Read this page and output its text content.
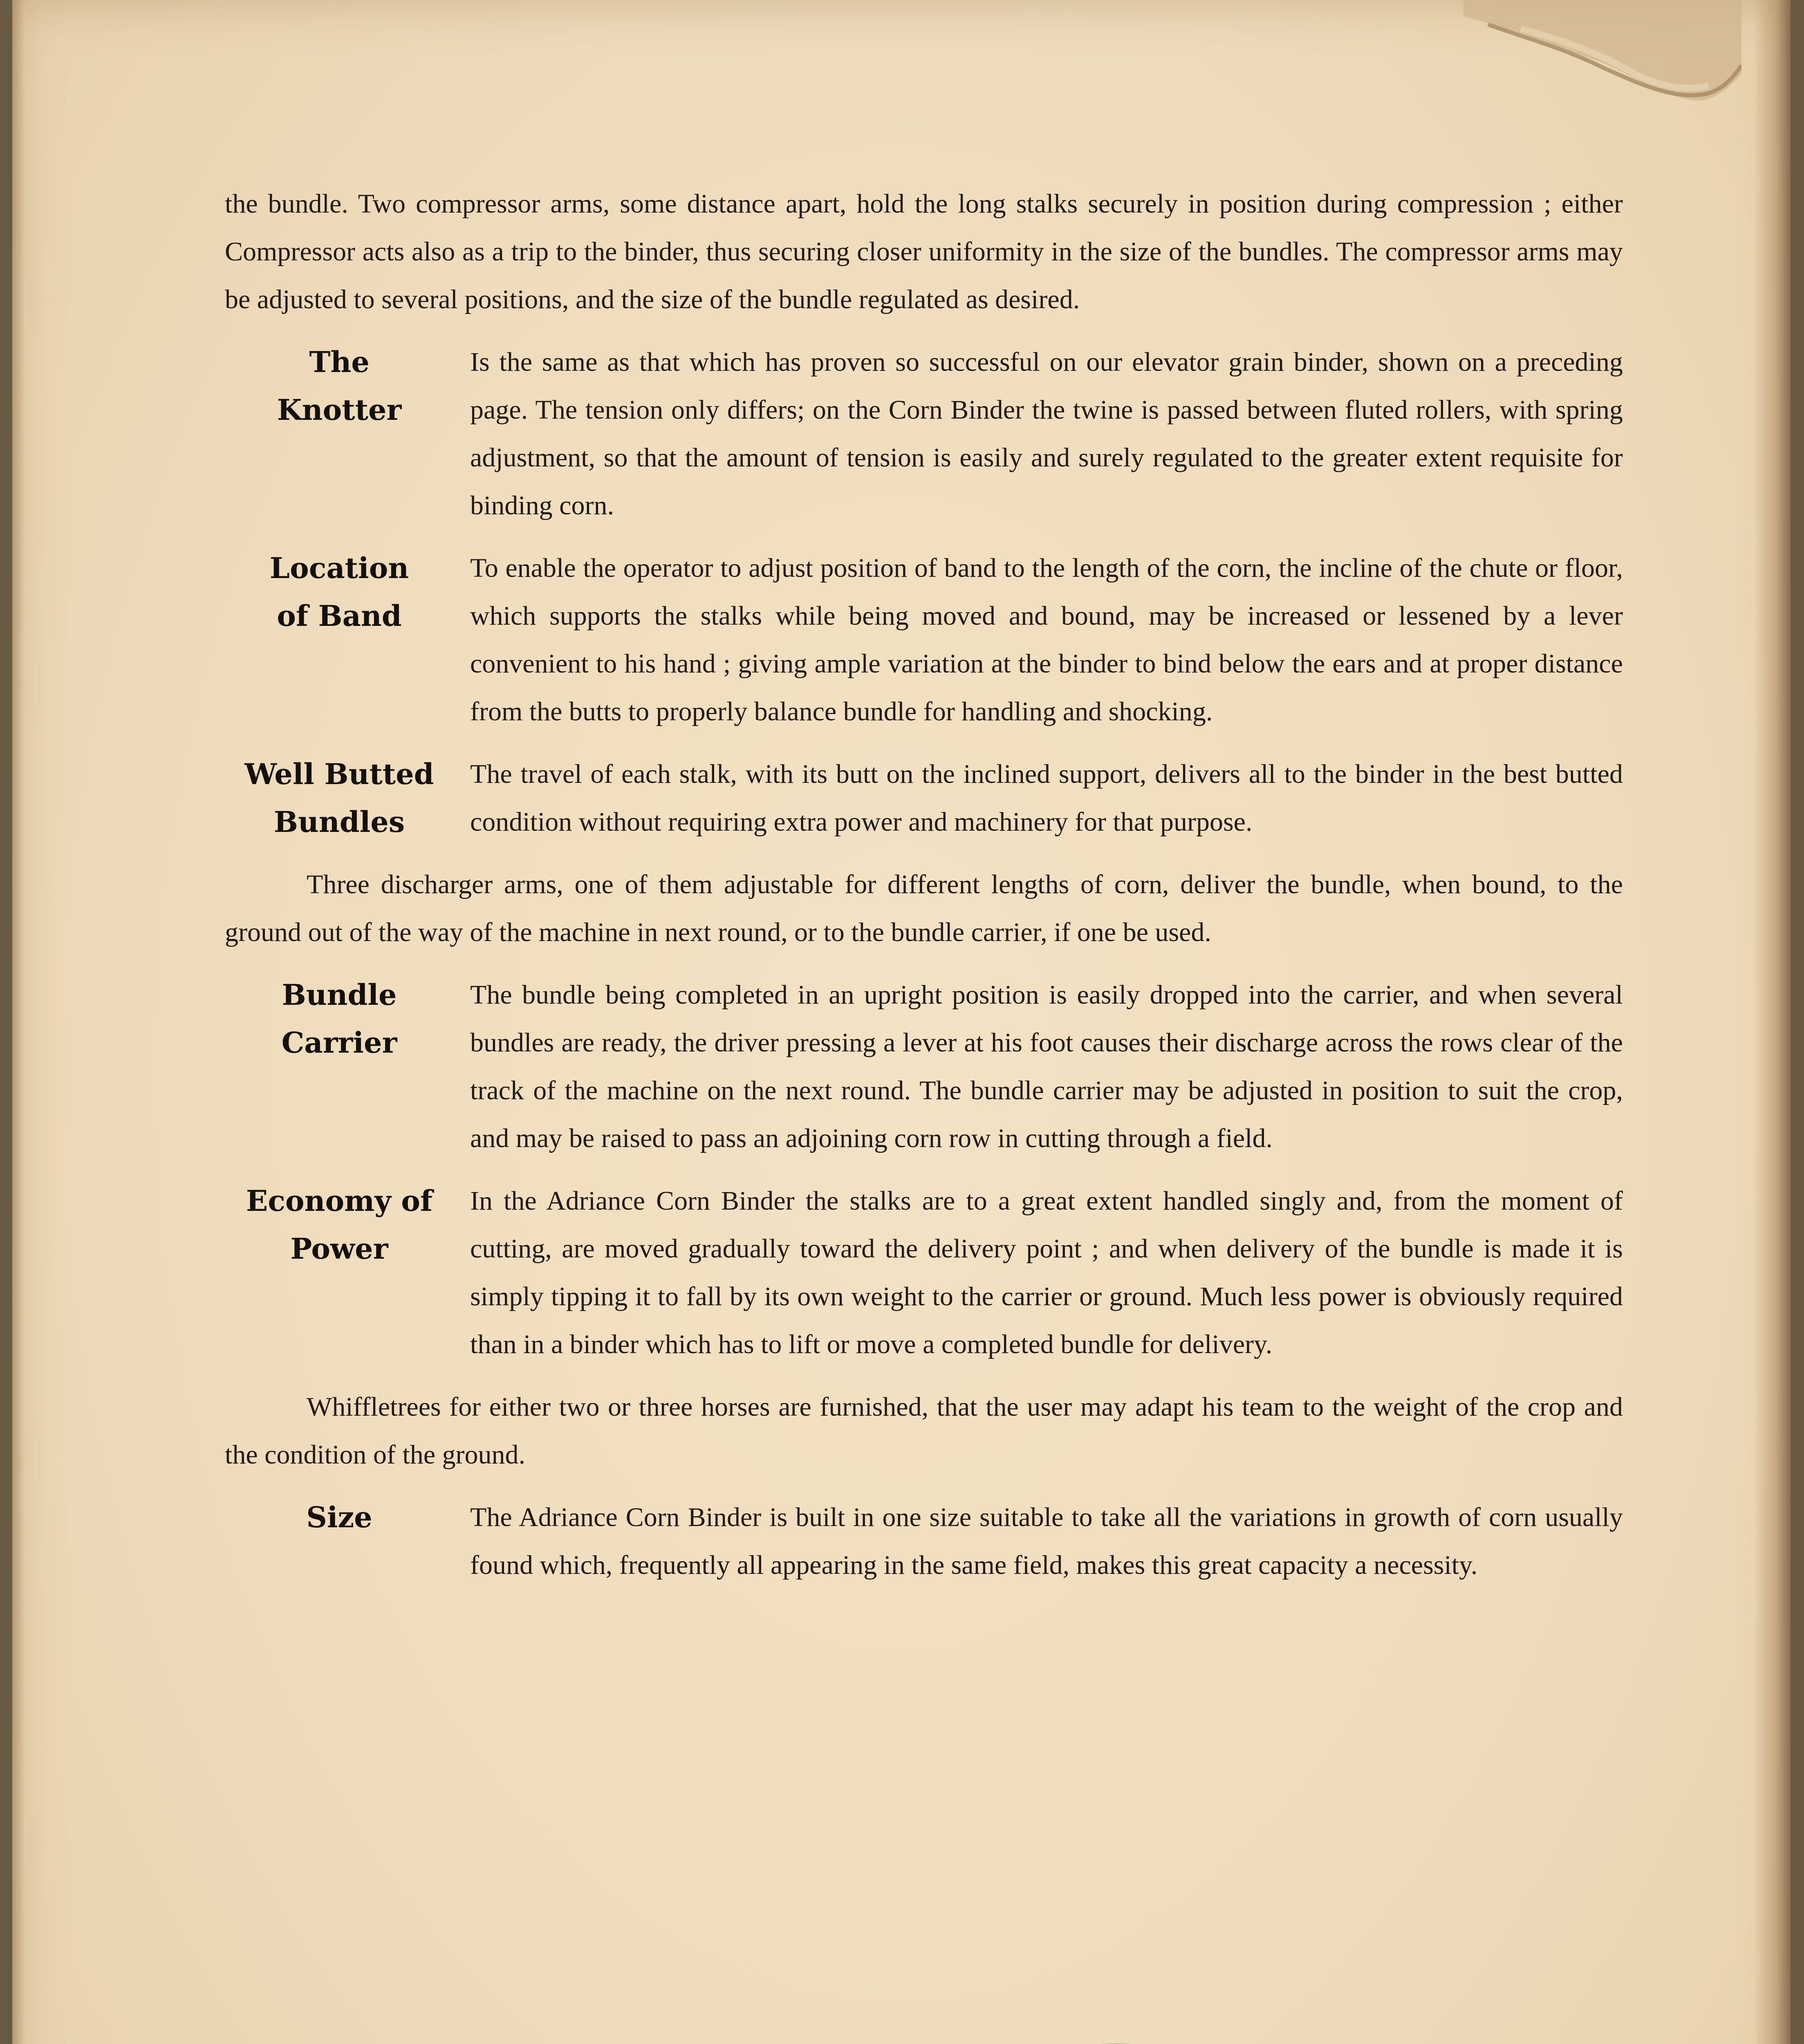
the bundle. Two compressor arms, some distance apart, hold the long stalks securely in position during compression ; either Compressor acts also as a trip to the binder, thus securing closer uniformity in the size of the bundles. The compressor arms may be adjusted to several positions, and the size of the bundle regulated as desired.

The
Knotter
Is the same as that which has proven so successful on our elevator grain binder, shown on a preceding page. The tension only differs; on the Corn Binder the twine is passed between fluted rollers, with spring adjustment, so that the amount of tension is easily and surely regulated to the greater extent requisite for binding corn.
Location
of Band
To enable the operator to adjust position of band to the length of the corn, the incline of the chute or floor, which supports the stalks while being moved and bound, may be increased or lessened by a lever convenient to his hand ; giving ample variation at the binder to bind below the ears and at proper distance from the butts to properly balance bundle for handling and shocking.
Well Butted
Bundles
The travel of each stalk, with its butt on the inclined support, delivers all to the binder in the best butted condition without requiring extra power and machinery for that purpose.

Three discharger arms, one of them adjustable for different lengths of corn, deliver the bundle, when bound, to the ground out of the way of the machine in next round, or to the bundle carrier, if one be used.

Bundle
Carrier
The bundle being completed in an upright position is easily dropped into the carrier, and when several bundles are ready, the driver pressing a lever at his foot causes their discharge across the rows clear of the track of the machine on the next round. The bundle carrier may be adjusted in position to suit the crop, and may be raised to pass an adjoining corn row in cutting through a field.
Economy of
Power
In the Adriance Corn Binder the stalks are to a great extent handled singly and, from the moment of cutting, are moved gradually toward the delivery point ; and when delivery of the bundle is made it is simply tipping it to fall by its own weight to the carrier or ground. Much less power is obviously required than in a binder which has to lift or move a completed bundle for delivery.

Whiffletrees for either two or three horses are furnished, that the user may adapt his team to the weight of the crop and the condition of the ground.

Size	The Adriance Corn Binder is built in one size suitable to take all the variations in growth of corn usually found which, frequently all appearing in the same field, makes this great capacity a necessity.
